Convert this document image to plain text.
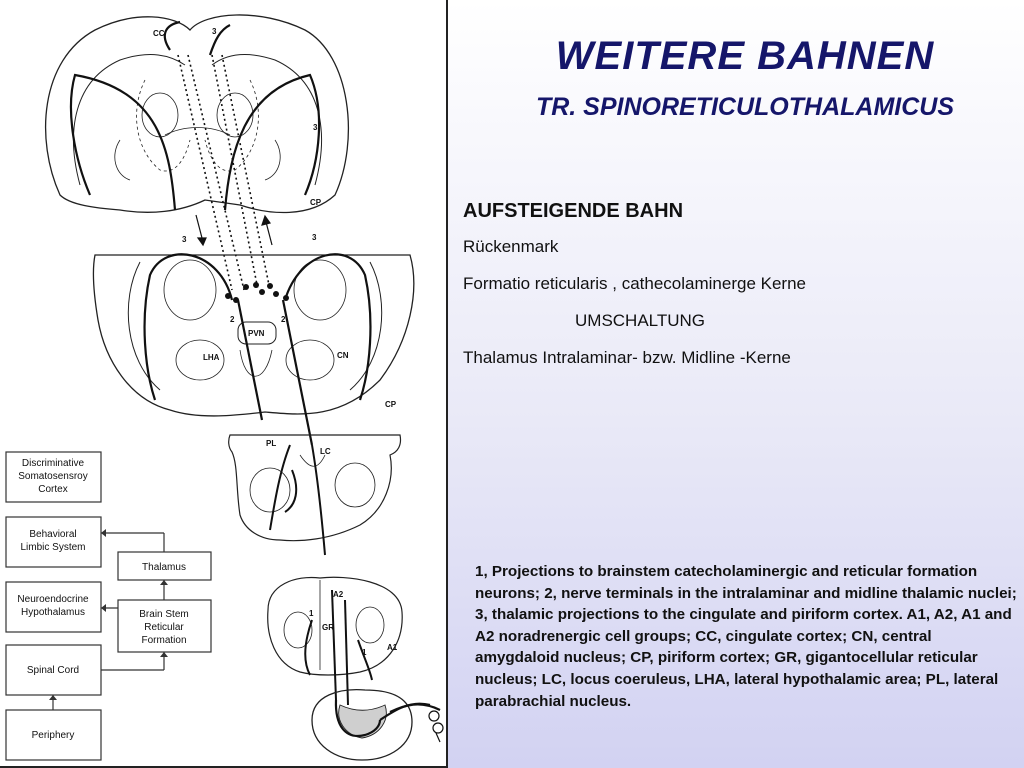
CC	3
3
CP
3	3
2	2
PVN
LHA	CN
CP
PL
LC
A2
1
GR
1
A1
Discriminative
Somatosensroy
Cortex
Behavioral
Limbic System
Neuroendocrine
Hypothalamus
Spinal Cord
Periphery
Thalamus
Brain Stem
Reticular
Formation
WEITERE BAHNEN
TR. SPINORETICULOTHALAMICUS

AUFSTEIGENDE BAHN

Rückenmark

Formatio reticularis , cathecolaminerge Kerne

UMSCHALTUNG

Thalamus Intralaminar- bzw. Midline -Kerne

1, Projections to brainstem catecholaminergic and reticular formation neurons; 2, nerve terminals in the intralaminar and midline thalamic nuclei; 3, thalamic projections to the cingulate and piriform cortex. A1, A2, A1 and A2 noradrenergic cell groups; CC, cingulate cortex; CN, central amygdaloid nucleus; CP, piriform cortex; GR, gigantocellular reticular nucleus; LC, locus coeruleus, LHA, lateral hypothalamic area; PL, lateral parabrachial nucleus.
